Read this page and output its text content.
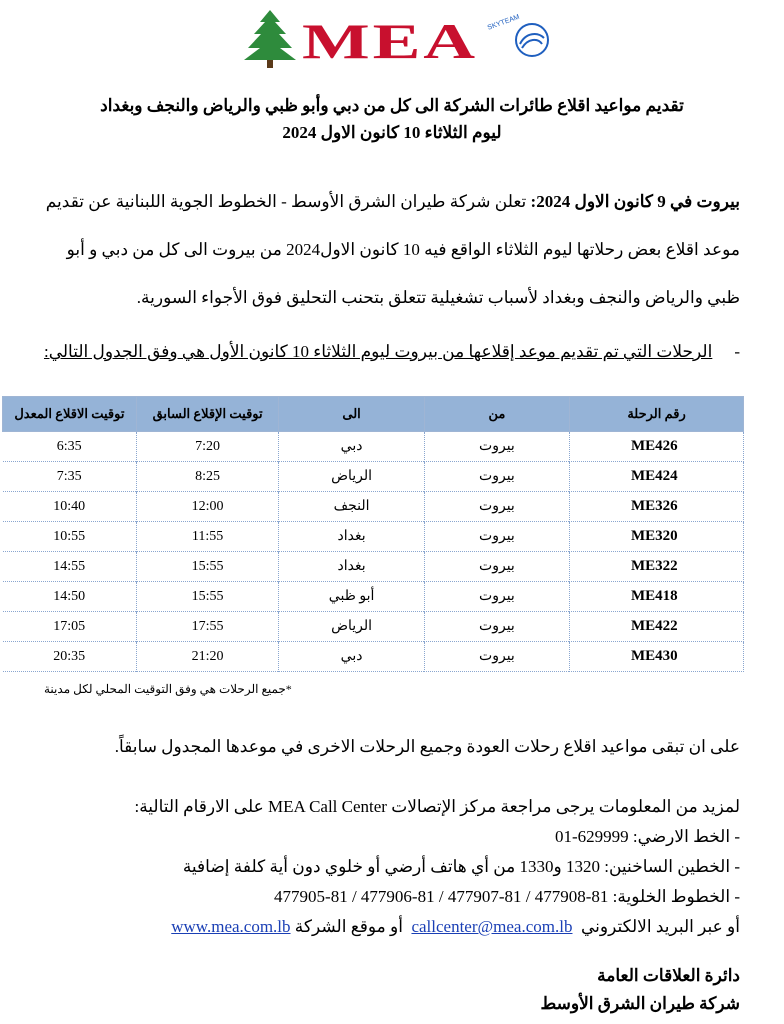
MEA SKYTEAM
تقديم مواعيد اقلاع طائرات الشركة الى كل من دبي وأبو ظبي والرياض والنجف وبغداد
ليوم الثلاثاء 10 كانون الاول 2024
بيروت في 9 كانون الاول 2024: تعلن شركة طيران الشرق الأوسط - الخطوط الجوية اللبنانية عن تقديم موعد اقلاع بعض رحلاتها ليوم الثلاثاء الواقع فيه 10 كانون الاول2024 من بيروت الى كل من دبي و أبو ظبي والرياض والنجف وبغداد لأسباب تشغيلية تتعلق بتحنب التحليق فوق الأجواء السورية.
-الرحلات التي تم تقديم موعد إقلاعها من بيروت ليوم الثلاثاء 10 كانون الأول هي وفق الجدول التالي:
رقم الرحلة	من	الى	توقيت الإقلاع السابق	توقيت الاقلاع المعدل
ME426	بيروت	دبي	7:20	6:35
ME424	بيروت	الرياض	8:25	7:35
ME326	بيروت	النجف	12:00	10:40
ME320	بيروت	بغداد	11:55	10:55
ME322	بيروت	بغداد	15:55	14:55
ME418	بيروت	أبو ظبي	15:55	14:50
ME422	بيروت	الرياض	17:55	17:05
ME430	بيروت	دبي	21:20	20:35
*جميع الرحلات هي وفق التوقيت المحلي لكل مدينة
على ان تبقى مواعيد اقلاع رحلات العودة وجميع الرحلات الاخرى في موعدها المجدول سابقاً.
لمزيد من المعلومات يرجى مراجعة مركز الإتصالات MEA Call Center على الارقام التالية:
- الخط الارضي: 629999-01
- الخطين الساخنين: 1320 و1330 من أي هاتف أرضي أو خلوي دون أية كلفة إضافية
- الخطوط الخلوية: 81-477908 / 81-477907 / 81-477906 / 81-477905
أو عبر البريد الالكتروني  callcenter@mea.com.lb  أو موقع الشركة www.mea.com.lb
دائرة العلاقات العامة
شركة طيران الشرق الأوسط
